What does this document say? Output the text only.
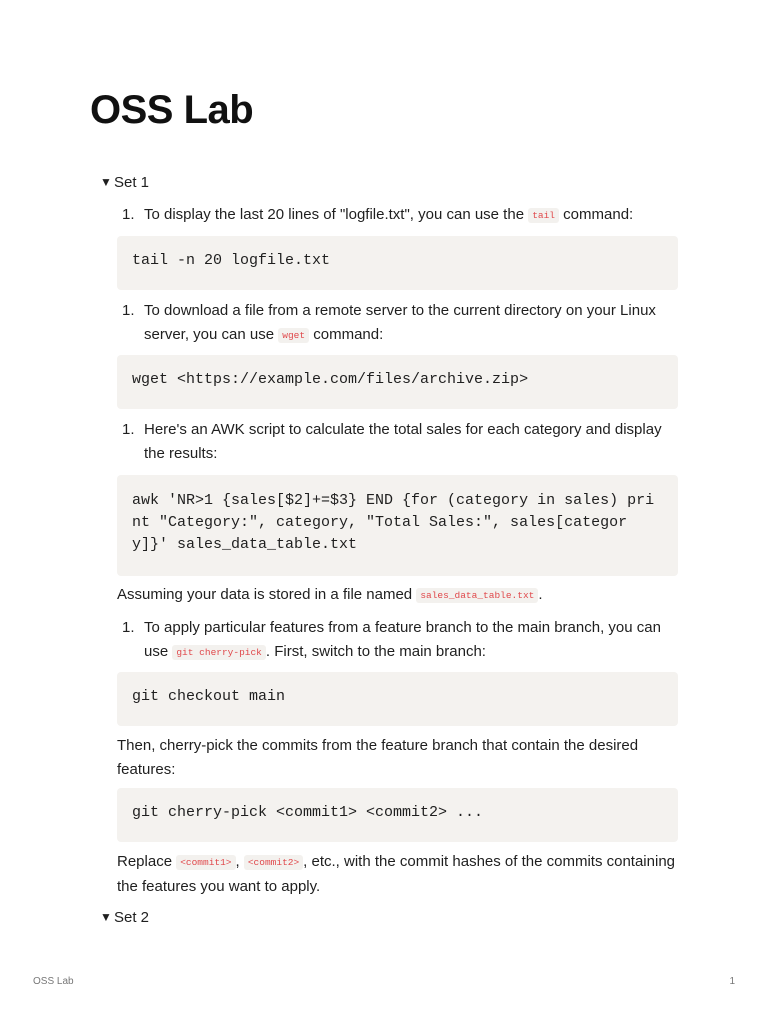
OSS Lab
▼ Set 1
1. To display the last 20 lines of "logfile.txt", you can use the tail command:
tail -n 20 logfile.txt
1. To download a file from a remote server to the current directory on your Linux server, you can use wget command:
wget <https://example.com/files/archive.zip>
1. Here's an AWK script to calculate the total sales for each category and display the results:
awk 'NR>1 {sales[$2]+=$3} END {for (category in sales) pri
nt "Category:", category, "Total Sales:", sales[categor
y]}' sales_data_table.txt
Assuming your data is stored in a file named sales_data_table.txt .
1. To apply particular features from a feature branch to the main branch, you can use git cherry-pick . First, switch to the main branch:
git checkout main
Then, cherry-pick the commits from the feature branch that contain the desired features:
git cherry-pick <commit1> <commit2> ...
Replace <commit1> , <commit2> , etc., with the commit hashes of the commits containing the features you want to apply.
▼ Set 2
OSS Lab	1
